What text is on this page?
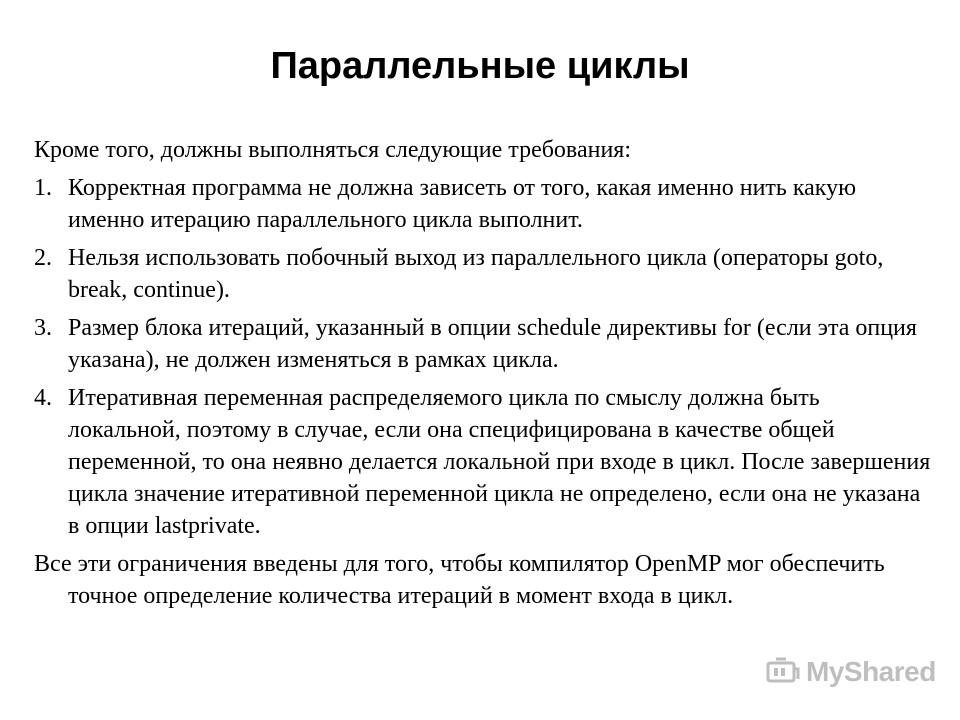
Параллельные циклы

Кроме того, должны выполняться следующие требования:

1. Корректная программа не должна зависеть от того, какая именно нить какую именно итерацию параллельного цикла выполнит.
2. Нельзя использовать побочный выход из параллельного цикла (операторы goto, break, continue).
3. Размер блока итераций, указанный в опции schedule директивы for (если эта опция указана), не должен изменяться в рамках цикла.
4. Итеративная переменная распределяемого цикла по смыслу должна быть локальной, поэтому в случае, если она специфицирована в качестве общей переменной, то она неявно делается локальной при входе в цикл. После завершения цикла значение итеративной переменной цикла не определено, если она не указана в опции lastprivate.

Все эти ограничения введены для того, чтобы компилятор OpenMP мог обеспечить точное определение количества итераций в момент входа в цикл.

MyShared
